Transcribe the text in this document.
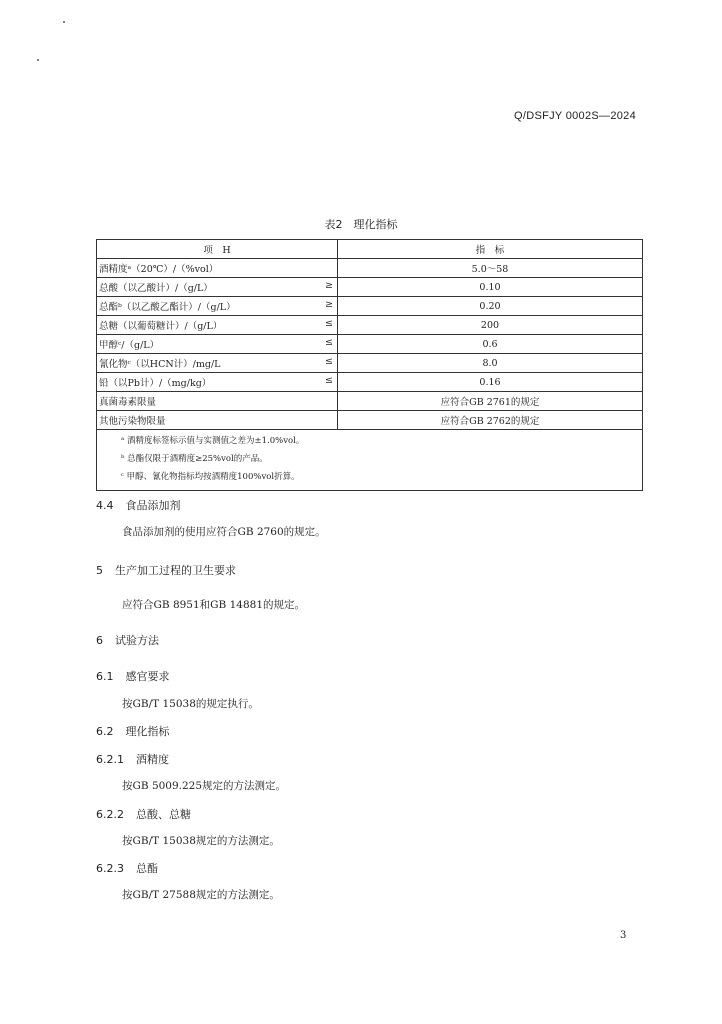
Q/DSFJY 0002S—2024
表2　理化指标
项　H	指　标

酒精度ᵃ（20℃）/（%vol）	5.0～58

总酸（以乙酸计）/（g/L） ≥	0.10

总酯ᵇ（以乙酸乙酯计）/（g/L） ≥	0.20

总糖（以葡萄糖计）/（g/L） ≤	200

甲醇ᶜ/（g/L） ≤	0.6

氰化物ᶜ（以HCN计）/mg/L ≤	8.0

铅（以Pb计）/（mg/kg） ≤	0.16

真菌毒素限量	应符合GB 2761的规定

其他污染物限量	应符合GB 2762的规定

ᵃ 酒精度标签标示值与实测值之差为±1.0%vol。
ᵇ 总酯仅限于酒精度≥25%vol的产品。
ᶜ 甲醇、氰化物指标均按酒精度100%vol折算。	
4.4 食品添加剂
食品添加剂的使用应符合GB 2760的规定。
5 生产加工过程的卫生要求
应符合GB 8951和GB 14881的规定。
6 试验方法
6.1 感官要求
按GB/T 15038的规定执行。
6.2 理化指标
6.2.1 酒精度
按GB 5009.225规定的方法测定。
6.2.2 总酸、总糖
按GB/T 15038规定的方法测定。
6.2.3 总酯
按GB/T 27588规定的方法测定。
3
